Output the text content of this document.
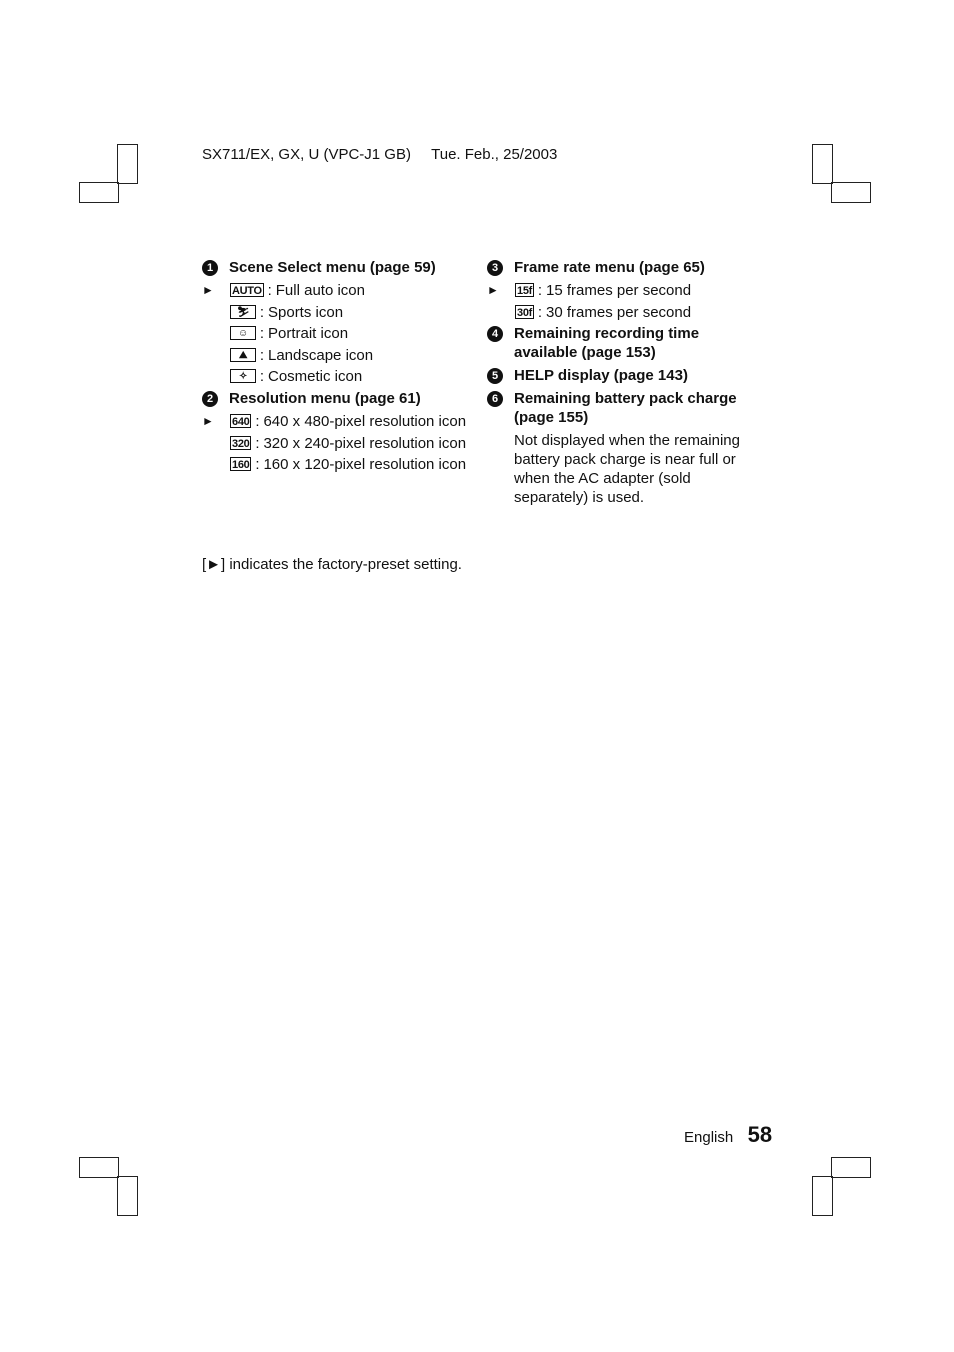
SX711/EX, GX, U (VPC-J1 GB) Tue. Feb., 25/2003
1	Scene Select menu (page 59)
►	AUTO : Full auto icon
⛷ : Sports icon
☺ : Portrait icon
⛰ : Landscape icon
✧ : Cosmetic icon
2	Resolution menu (page 61)
►	640 : 640 x 480-pixel resolution icon
320 : 320 x 240-pixel resolution icon
160 : 160 x 120-pixel resolution icon
3	Frame rate menu (page 65)
►	15f : 15 frames per second
30f : 30 frames per second
4	Remaining recording time available (page 153)
5	HELP display (page 143)
6	Remaining battery pack charge (page 155)
Not displayed when the remaining battery pack charge is near full or when the AC adapter (sold separately) is used.
[►] indicates the factory-preset setting.
English 58
